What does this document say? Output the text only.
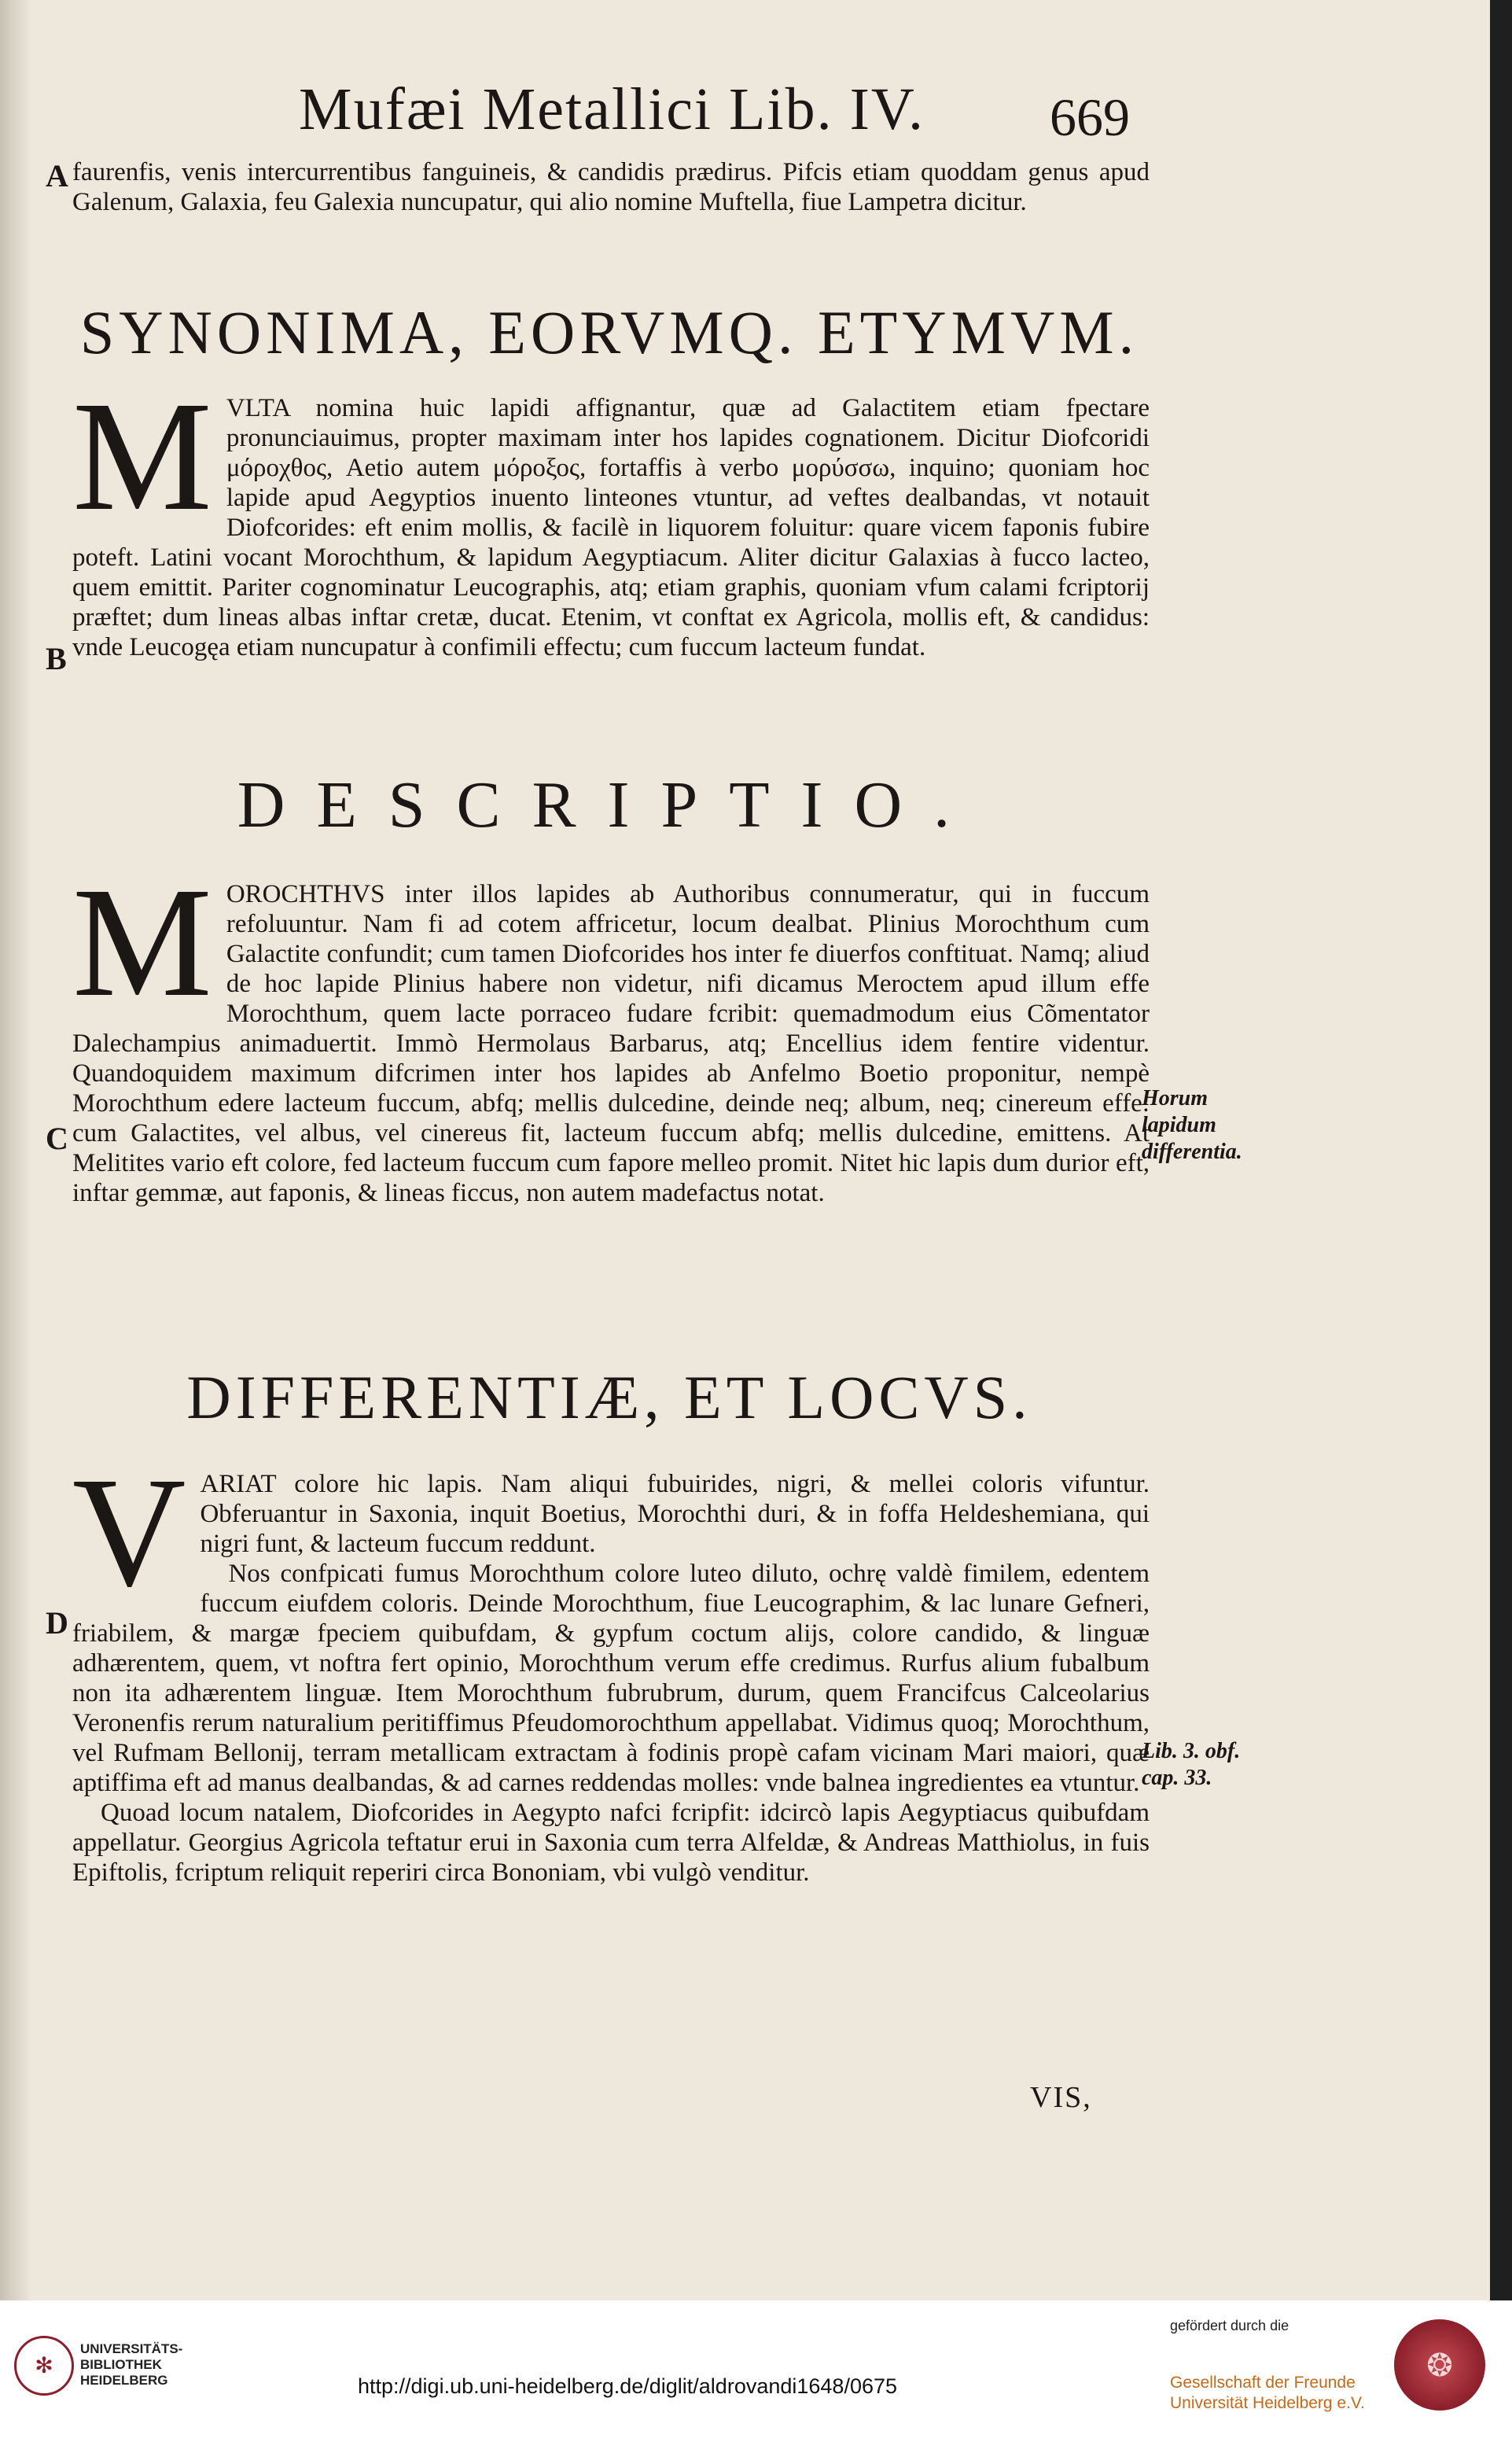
Mufæi Metallici Lib. IV.	669
A faurenfis, venis intercurrentibus fanguineis, & candidis prædirus. Pifcis etiam quoddam genus apud Galenum, Galaxia, feu Galexia nuncupatur, qui alio nomine Muftella, fiue Lampetra dicitur.

SYNONIMA, EORVMQ. ETYMVM.
B
M VLTA nomina huic lapidi affignantur, quæ ad Galactitem etiam fpectare pronunciauimus, propter maximam inter hos lapides cognationem. Dicitur Diofcoridi μόροχθος, Aetio autem μόροξος, fortaffis à verbo μορύσσω, inquino; quoniam hoc lapide apud Aegyptios inuento linteones vtuntur, ad veftes dealbandas, vt notauit Diofcorides: eft enim mollis, & facilè in liquorem foluitur: quare vicem faponis fubire poteft. Latini vocant Morochthum, & lapidum Aegyptiacum. Aliter dicitur Galaxias à fucco lacteo, quem emittit. Pariter cognominatur Leucographis, atq; etiam graphis, quoniam vfum calami fcriptorij præftet; dum lineas albas inftar cretæ, ducat. Etenim, vt conftat ex Agricola, mollis eft, & candidus: vnde Leucogęa etiam nuncupatur à confimili effectu; cum fuccum lacteum fundat.

DESCRIPTIO.
C
Horum lapidum differentia.
M OROCHTHVS inter illos lapides ab Authoribus connumeratur, qui in fuccum refoluuntur. Nam fi ad cotem affricetur, locum dealbat. Plinius Morochthum cum Galactite confundit; cum tamen Diofcorides hos inter fe diuerfos conftituat. Namq; aliud de hoc lapide Plinius habere non videtur, nifi dicamus Meroctem apud illum effe Morochthum, quem lacte porraceo fudare fcribit: quemadmodum eius Cõmentator Dalechampius animaduertit. Immò Hermolaus Barbarus, atq; Encellius idem fentire videntur. Quandoquidem maximum difcrimen inter hos lapides ab Anfelmo Boetio proponitur, nempè Morochthum edere lacteum fuccum, abfq; mellis dulcedine, deinde neq; album, neq; cinereum effe: cum Galactites, vel albus, vel cinereus fit, lacteum fuccum abfq; mellis dulcedine, emittens. At Melitites vario eft colore, fed lacteum fuccum cum fapore melleo promit. Nitet hic lapis dum durior eft, inftar gemmæ, aut faponis, & lineas ficcus, non autem madefactus notat.

DIFFERENTIÆ, ET LOCVS.
D
Lib. 3. obf. cap. 33.
V ARIAT colore hic lapis. Nam aliqui fubuirides, nigri, & mellei coloris vifuntur. Obferuantur in Saxonia, inquit Boetius, Morochthi duri, & in foffa Heldeshemiana, qui nigri funt, & lacteum fuccum reddunt.

Nos confpicati fumus Morochthum colore luteo diluto, ochrę valdè fimilem, edentem fuccum eiufdem coloris. Deinde Morochthum, fiue Leucographim, & lac lunare Gefneri, friabilem, & margæ fpeciem quibufdam, & gypfum coctum alijs, colore candido, & linguæ adhærentem, quem, vt noftra fert opinio, Morochthum verum effe credimus. Rurfus alium fubalbum non ita adhærentem linguæ. Item Morochthum fubrubrum, durum, quem Francifcus Calceolarius Veronenfis rerum naturalium peritiffimus Pfeudomorochthum appellabat. Vidimus quoq; Morochthum, vel Rufmam Bellonij, terram metallicam extractam à fodinis propè cafam vicinam Mari maiori, quæ aptiffima eft ad manus dealbandas, & ad carnes reddendas molles: vnde balnea ingredientes ea vtuntur.

Quoad locum natalem, Diofcorides in Aegypto nafci fcripfit: idcircò lapis Aegyptiacus quibufdam appellatur. Georgius Agricola teftatur erui in Saxonia cum terra Alfeldæ, & Andreas Matthiolus, in fuis Epiftolis, fcriptum reliquit reperiri circa Bononiam, vbi vulgò venditur.

VIS,
✻
UNIVERSITÄTS-
BIBLIOTHEK
HEIDELBERG	http://digi.ub.uni-heidelberg.de/diglit/aldrovandi1648/0675
gefördert durch die
Gesellschaft der Freunde
Universität Heidelberg e.V.
❂
